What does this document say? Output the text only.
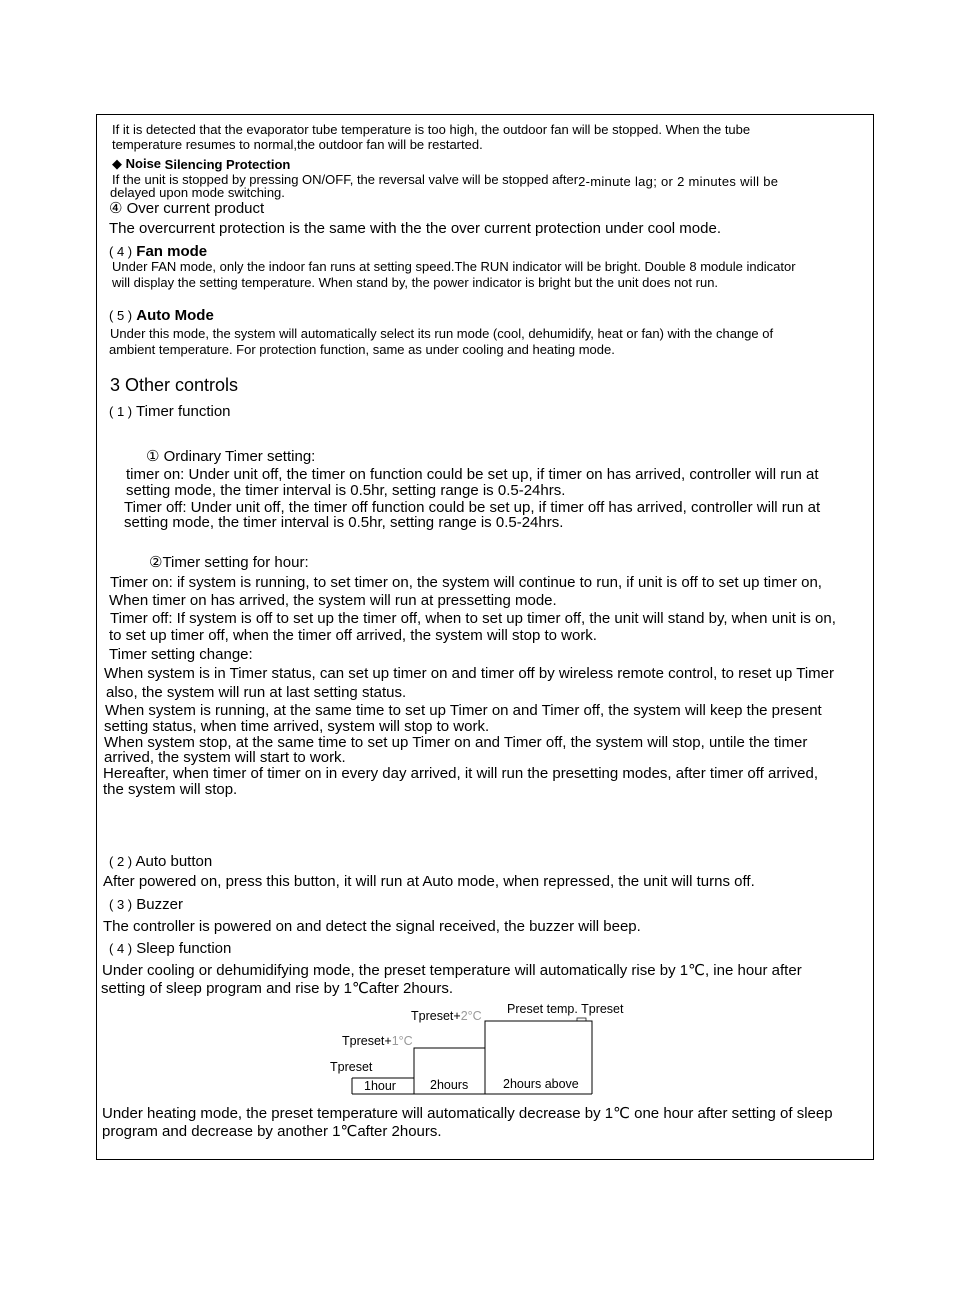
If it is detected that the evaporator tube temperature is too high, the outdoor fan will be stopped. When the tube
temperature resumes to normal,the outdoor fan will be restarted.
◆ Noise Silencing Protection
If the unit is stopped by pressing ON/OFF, the reversal valve will be stopped after2-minute lag; or 2 minutes will be
delayed upon mode switching.
④ Over current product
The overcurrent protection is the same with the the over current protection under cool mode.
( 4 ) Fan mode
Under FAN mode, only the indoor fan runs at setting speed.The RUN indicator will be bright. Double 8 module indicator
will display the setting temperature. When stand by, the power indicator is bright but the unit does not run.
( 5 ) Auto Mode
Under this mode, the system will automatically select its run mode (cool, dehumidify, heat or fan) with the change of
ambient temperature. For protection function, same as under cooling and heating mode.
3 Other controls
( 1 ) Timer function
① Ordinary Timer setting:
timer on: Under unit off, the timer on function could be set up, if timer on has arrived, controller will run at
setting mode, the timer interval is 0.5hr, setting range is 0.5-24hrs.
Timer off: Under unit off, the timer off function could be set up, if timer off has arrived, controller will run at
setting mode, the timer interval is 0.5hr, setting range is 0.5-24hrs.
②Timer setting for hour:
Timer on: if system is running, to set timer on, the system will continue to run, if unit is off to set up timer on,
When timer on has arrived, the system will run at pressetting mode.
Timer off: If system is off to set up the timer off, when to set up timer off, the unit will stand by, when unit is on,
to set up timer off, when the timer off arrived, the system will stop to work.
Timer setting change:
When system is in Timer status, can set up timer on and timer off by wireless remote control, to reset up Timer
also, the system will run at last setting status.
When system is running, at the same time to set up Timer on and Timer off, the system will keep the present
setting status, when time arrived, system will stop to work.
When system stop, at the same time to set up Timer on and Timer off, the system will stop, untile the timer
arrived, the system will start to work.
Hereafter, when timer of timer on in every day arrived, it will run the presetting modes, after timer off arrived,
the system will stop.
( 2 ) Auto button
After powered on, press this button, it will run at Auto mode, when repressed, the unit will turns off.
( 3 ) Buzzer
The controller is powered on and detect the signal received, the buzzer will beep.
( 4 ) Sleep function
Under cooling or dehumidifying mode, the preset temperature will automatically rise by 1℃, ine hour after
setting of sleep program and rise by 1℃after 2hours.
Preset temp. Tpreset
Tpreset+2°C
Tpreset+1°C
Tpreset
1hour	2hours	2hours above
Under heating mode, the preset temperature will automatically decrease by 1℃ one hour after setting of sleep
program and decrease by another 1℃after 2hours.
